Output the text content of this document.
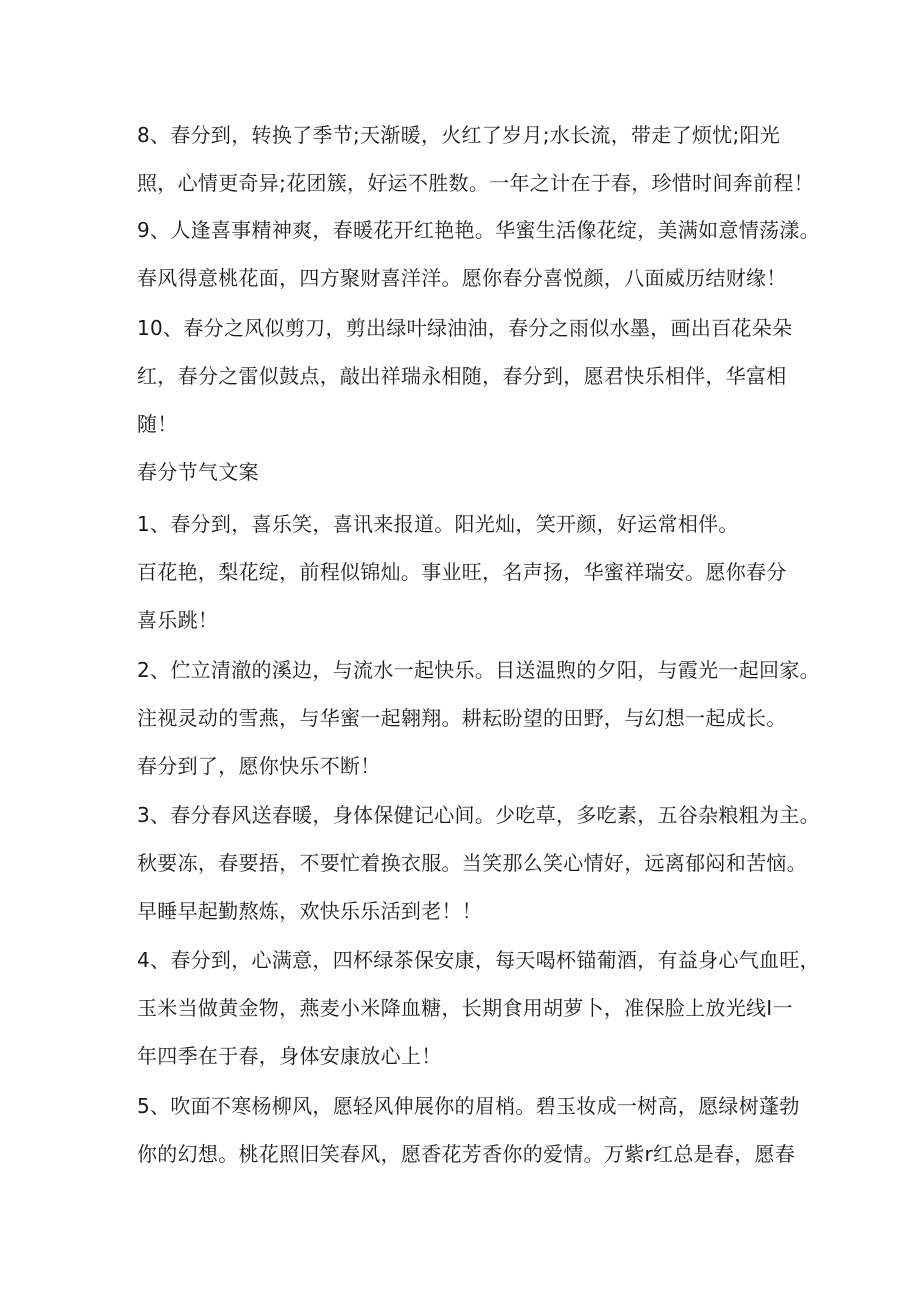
8、春分到，转换了季节;天渐暖，火红了岁月;水长流，带走了烦忧;阳光
照，心情更奇异;花团簇，好运不胜数。一年之计在于春，珍惜时间奔前程！
9、人逢喜事精神爽，春暖花开红艳艳。华蜜生活像花绽，美满如意情荡漾。
春风得意桃花面，四方聚财喜洋洋。愿你春分喜悦颜，八面威历结财缘！
10、春分之风似剪刀，剪出绿叶绿油油，春分之雨似水墨，画出百花朵朵
红，春分之雷似鼓点，敲出祥瑞永相随，春分到，愿君快乐相伴，华富相
随！
春分节气文案
1、春分到，喜乐笑，喜讯来报道。阳光灿，笑开颜，好运常相伴。
百花艳，梨花绽，前程似锦灿。事业旺，名声扬，华蜜祥瑞安。愿你春分
喜乐跳！
2、伫立清澈的溪边，与流水一起快乐。目送温煦的夕阳，与霞光一起回家。
注视灵动的雪燕，与华蜜一起翱翔。耕耘盼望的田野，与幻想一起成长。
春分到了，愿你快乐不断！
3、春分春风送春暖，身体保健记心间。少吃草，多吃素，五谷杂粮粗为主。
秋要冻，春要捂，不要忙着换衣服。当笑那么笑心情好，远离郁闷和苦恼。
早睡早起勤熬炼，欢快乐乐活到老！！
4、春分到，心满意，四杯绿茶保安康，每天喝杯锚葡酒，有益身心气血旺，
玉米当做黄金物，燕麦小米降血糖，长期食用胡萝卜，准保脸上放光线I一
年四季在于春，身体安康放心上！
5、吹面不寒杨柳风，愿轻风伸展你的眉梢。碧玉妆成一树高，愿绿树蓬勃
你的幻想。桃花照旧笑春风，愿香花芳香你的爱情。万紫r红总是春，愿春
